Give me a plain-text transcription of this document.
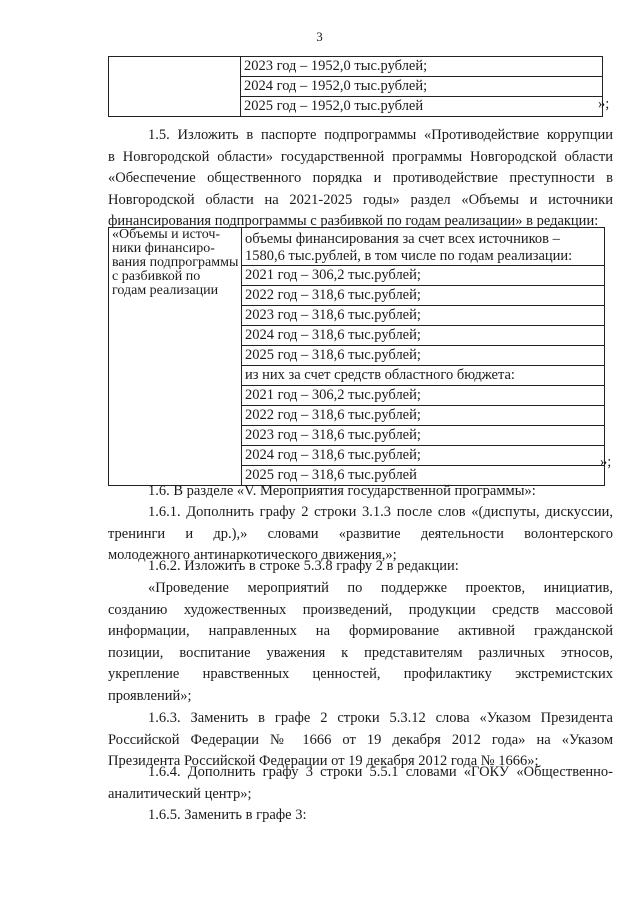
3

2023 год – 1952,0 тыс.рублей;
2024 год – 1952,0 тыс.рублей;
2025 год – 1952,0 тыс.рублей	»;

1.5. Изложить в паспорте подпрограммы «Противодействие коррупции
в Новгородской области» государственной программы Новгородской области
«Обеспечение общественного порядка и противодействие преступности в
Новгородской области на 2021-2025 годы» раздел «Объемы и источники
финансирования подпрограммы с разбивкой по годам реализации» в редакции:

«Объемы и источ-
ники финансиро-
вания подпрограммы
с разбивкой по
годам реализации

объемы финансирования за счет всех источников –
1580,6 тыс.рублей, в том числе по годам реализации:
2021 год – 306,2 тыс.рублей;
2022 год – 318,6 тыс.рублей;
2023 год – 318,6 тыс.рублей;
2024 год – 318,6 тыс.рублей;
2025 год – 318,6 тыс.рублей;
из них за счет средств областного бюджета:
2021 год – 306,2 тыс.рублей;
2022 год – 318,6 тыс.рублей;
2023 год – 318,6 тыс.рублей;
2024 год – 318,6 тыс.рублей;
2025 год – 318,6 тыс.рублей
»;

1.6. В разделе «V. Мероприятия государственной программы»:

1.6.1. Дополнить графу 2 строки 3.1.3 после слов «(диспуты, дискуссии,
тренинги и др.),» словами «развитие деятельности волонтерского
молодежного антинаркотического движения,»;

1.6.2. Изложить в строке 5.3.8 графу 2 в редакции:

«Проведение мероприятий по поддержке проектов, инициатив,
созданию художественных произведений, продукции средств массовой
информации, направленных на формирование активной гражданской
позиции, воспитание уважения к представителям различных этносов,
укрепление нравственных ценностей, профилактику экстремистских
проявлений»;

1.6.3. Заменить в графе 2 строки 5.3.12 слова «Указом Президента
Российской Федерации № 1666 от 19 декабря 2012 года» на «Указом
Президента Российской Федерации от 19 декабря 2012 года № 1666»;

1.6.4. Дополнить графу 3 строки 5.5.1 словами «ГОКУ «Общественно-
аналитический центр»;

1.6.5. Заменить в графе 3:
